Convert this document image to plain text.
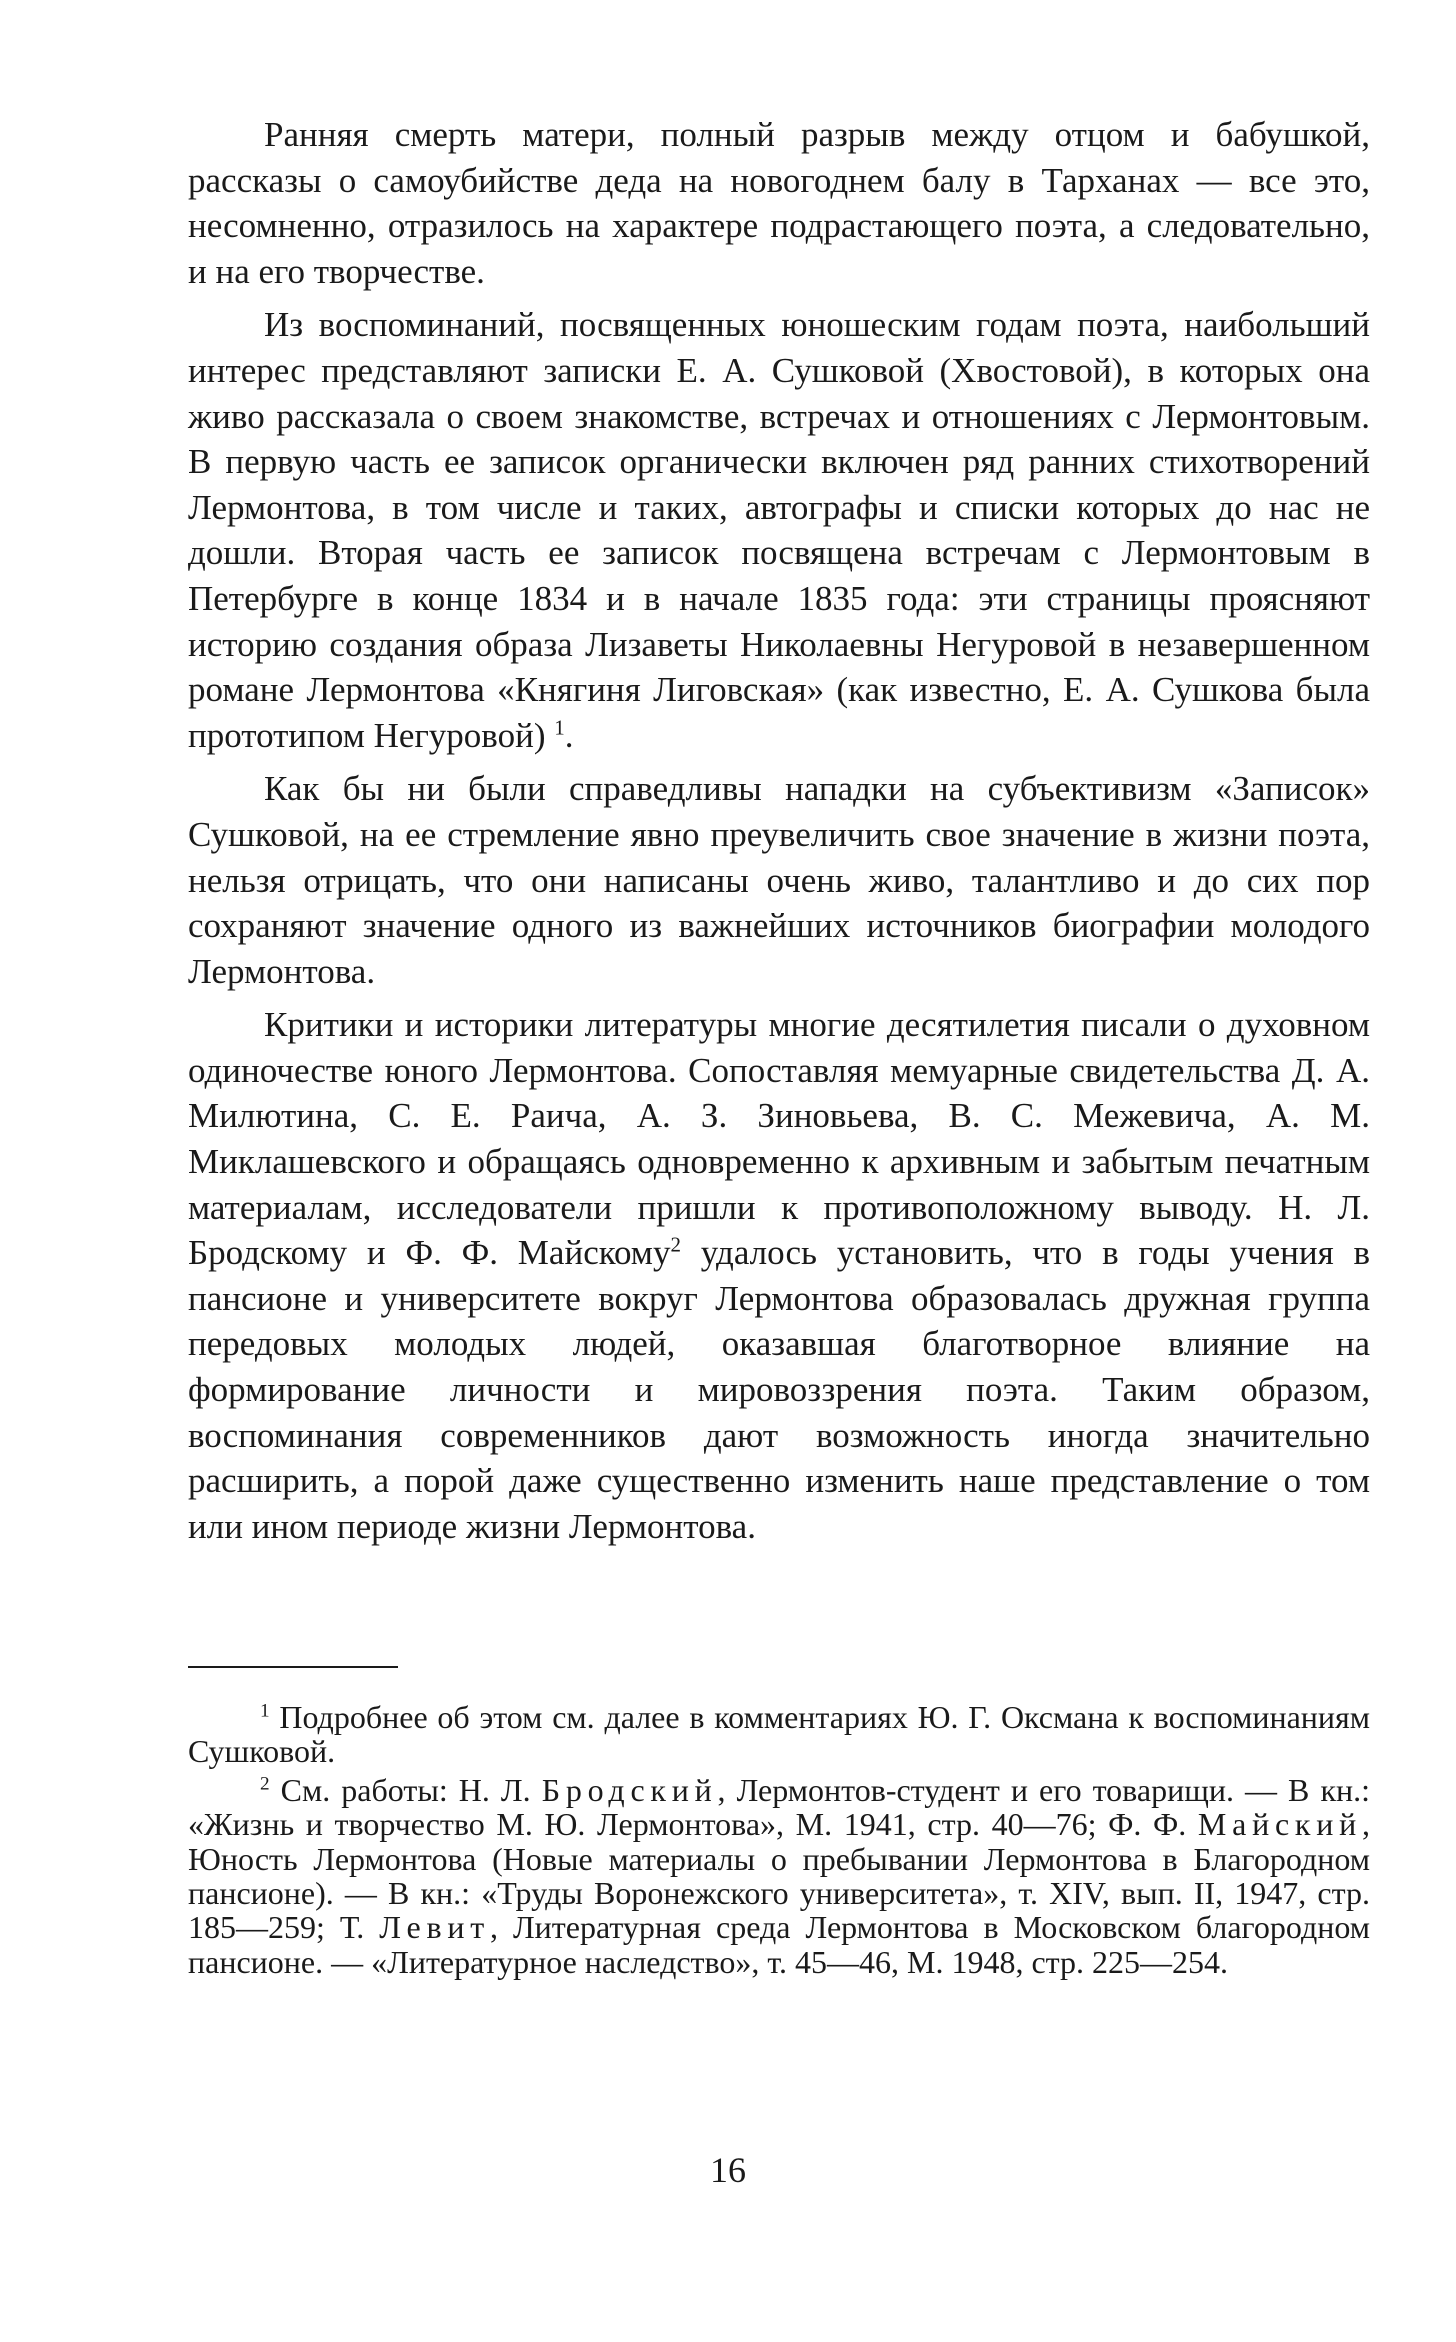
Ранняя смерть матери, полный разрыв между отцом и бабушкой, рассказы о самоубийстве деда на новогоднем балу в Тарханах — все это, несомненно, отразилось на характере подрастающего поэта, а следовательно, и на его творчестве.

Из воспоминаний, посвященных юношеским годам поэта, наибольший интерес представляют записки Е. А. Сушковой (Хвостовой), в которых она живо рассказала о своем знакомстве, встречах и отношениях с Лермонтовым. В первую часть ее записок органически включен ряд ранних стихотворений Лермонтова, в том числе и таких, автографы и списки которых до нас не дошли. Вторая часть ее записок посвящена встречам с Лермонтовым в Петербурге в конце 1834 и в начале 1835 года: эти страницы проясняют историю создания образа Лизаветы Николаевны Негуровой в незавершенном романе Лермонтова «Княгиня Лиговская» (как известно, Е. А. Сушкова была прототипом Негуровой) $^1$.

Как бы ни были справедливы нападки на субъективизм «Записок» Сушковой, на ее стремление явно преувеличить свое значение в жизни поэта, нельзя отрицать, что они написаны очень живо, талантливо и до сих пор сохраняют значение одного из важнейших источников биографии молодого Лермонтова.

Критики и историки литературы многие десятилетия писали о духовном одиночестве юного Лермонтова. Сопоставляя мемуарные свидетельства Д. А. Милютина, С. Е. Раича, А. З. Зиновьева, В. С. Межевича, А. М. Миклашевского и обращаясь одновременно к архивным и забытым печатным материалам, исследователи пришли к противоположному выводу. Н. Л. Бродскому и Ф. Ф. Майскому$^2$ удалось установить, что в годы учения в пансионе и университете вокруг Лермонтова образовалась дружная группа передовых молодых людей, оказавшая благотворное влияние на формирование личности и мировоззрения поэта. Таким образом, воспоминания современников дают возможность иногда значительно расширить, а порой даже существенно изменить наше представление о том или ином периоде жизни Лермонтова.

$^1$ Подробнее об этом см. далее в комментариях Ю. Г. Оксмана к воспоминаниям Сушковой.

$^2$ См. работы: Н. Л. Бродский, Лермонтов-студент и его товарищи. — В кн.: «Жизнь и творчество М. Ю. Лермонтова», М. 1941, стр. 40—76; Ф. Ф. Майский, Юность Лермонтова (Новые материалы о пребывании Лермонтова в Благородном пансионе). — В кн.: «Труды Воронежского университета», т. XIV, вып. II, 1947, стр. 185—259; Т. Левит, Литературная среда Лермонтова в Московском благородном пансионе. — «Литературное наследство», т. 45—46, М. 1948, стр. 225—254.

16
